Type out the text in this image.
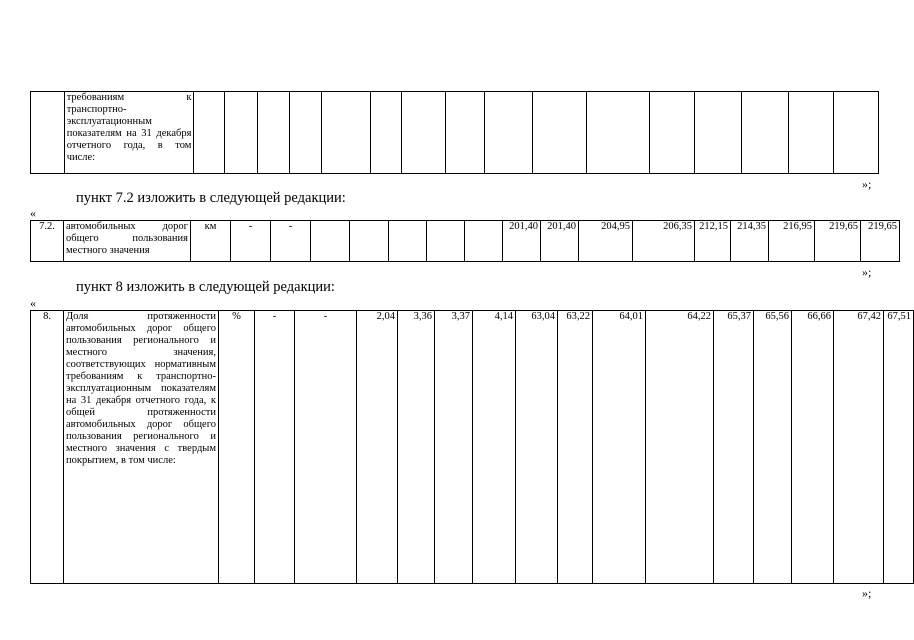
	требованиям к транспортно-эксплуатационным показателям на 31 декабря отчетного года, в том числе:																
»;
пункт 7.2 изложить в следующей редакции:
«
7.2.	автомобильных дорог общего пользования местного значения	км	-	-						201,40	201,40	204,95	206,35	212,15	214,35	216,95	219,65	219,65
»;
пункт 8 изложить в следующей редакции:
«
8.	Доля протяженности автомобильных дорог общего пользования регионального и местного значения, соответствующих нормативным требованиям к транспортно-эксплуатационным показателям на 31 декабря отчетного года, к общей протяженности автомобильных дорог общего пользования регионального и местного значения с твердым покрытием, в том числе:	%	-	-	2,04	3,36	3,37	4,14	63,04	63,22	64,01	64,22	65,37	65,56	66,66	67,42	67,51
»;
